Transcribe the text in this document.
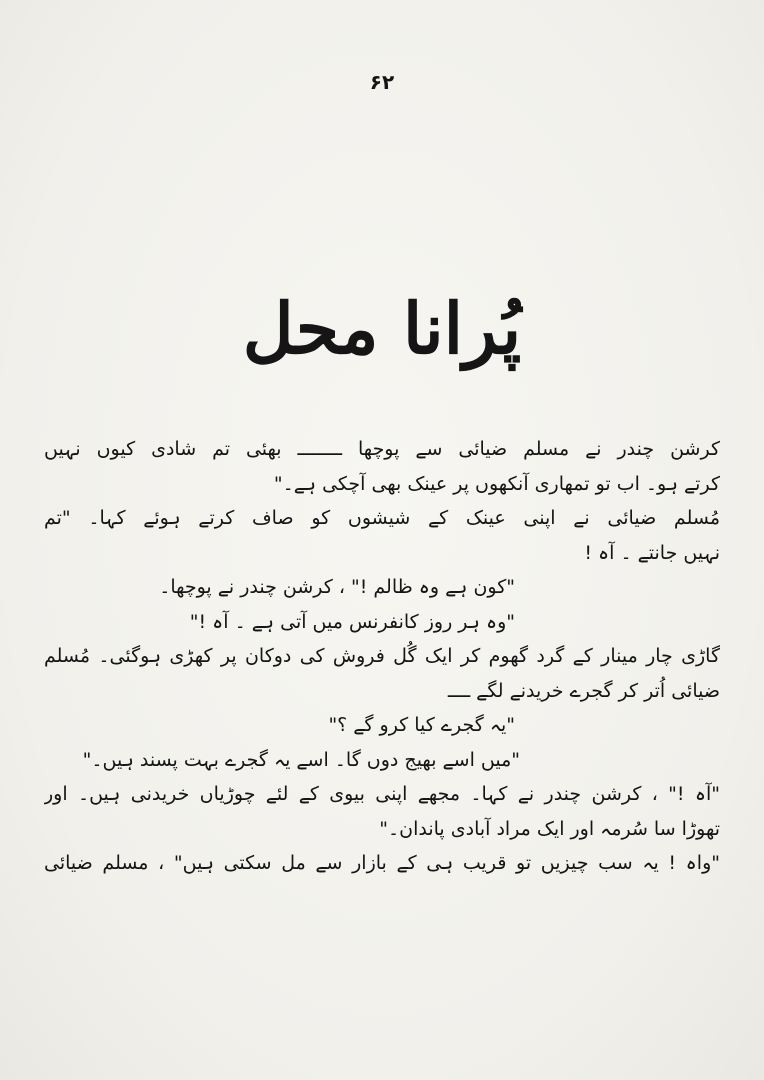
۶۲
پُرانا محل
کرشن چندر نے مسلم ضیائی سے پوچھا ــــــــ بھئی تم شادی کیوں نہیں
کرتے ہو۔ اب تو تمھاری آنکھوں پر عینک بھی آچکی ہے۔"
مُسلم ضیائی نے اپنی عینک کے شیشوں کو صاف کرتے ہوئے کہا۔ "تم
نہیں جانتے ۔ آہ !
"کون ہے وہ ظالم !" ، کرشن چندر نے پوچھا۔
"وہ ہر روز کانفرنس میں آتی ہے ۔ آہ !"
گاڑی چار مینار کے گرد گھوم کر ایک گُل فروش کی دوکان پر کھڑی ہوگئی۔ مُسلم
ضیائی اُتر کر گجرے خریدنے لگے ــــ
"یہ گجرے کیا کرو گے ؟"
"میں اسے بھیج دوں گا۔ اسے یہ گجرے بہت پسند ہیں۔"
"آہ !" ، کرشن چندر نے کہا۔ مجھے اپنی بیوی کے لئے چوڑیاں خریدنی ہیں۔ اور
تھوڑا سا سُرمہ اور ایک مراد آبادی پاندان۔"
"واہ ! یہ سب چیزیں تو قریب ہی کے بازار سے مل سکتی ہیں" ، مسلم ضیائی
